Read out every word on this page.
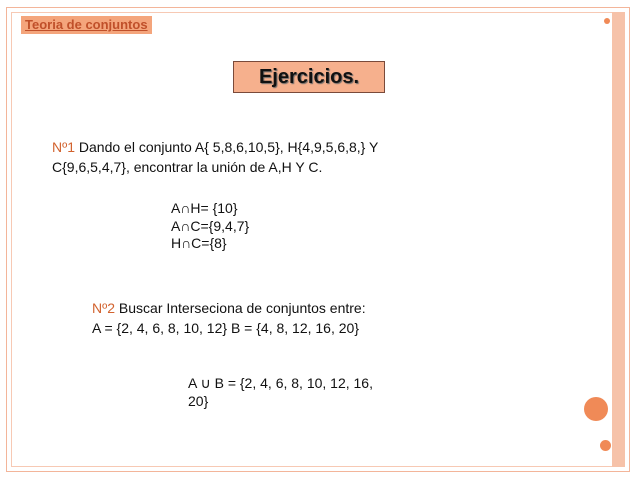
Teoria de conjuntos
Ejercicios.
Nº1 Dando el conjunto A{ 5,8,6,10,5}, H{4,9,5,6,8,} Y
C{9,6,5,4,7}, encontrar la unión de A,H Y C.
A∩H= {10}
A∩C={9,4,7}
H∩C={8}
Nº2 Buscar Interseciona de conjuntos entre:
A = {2, 4, 6, 8, 10, 12} B = {4, 8, 12, 16, 20}
A ∪ B = {2, 4, 6, 8, 10, 12, 16,
20}
